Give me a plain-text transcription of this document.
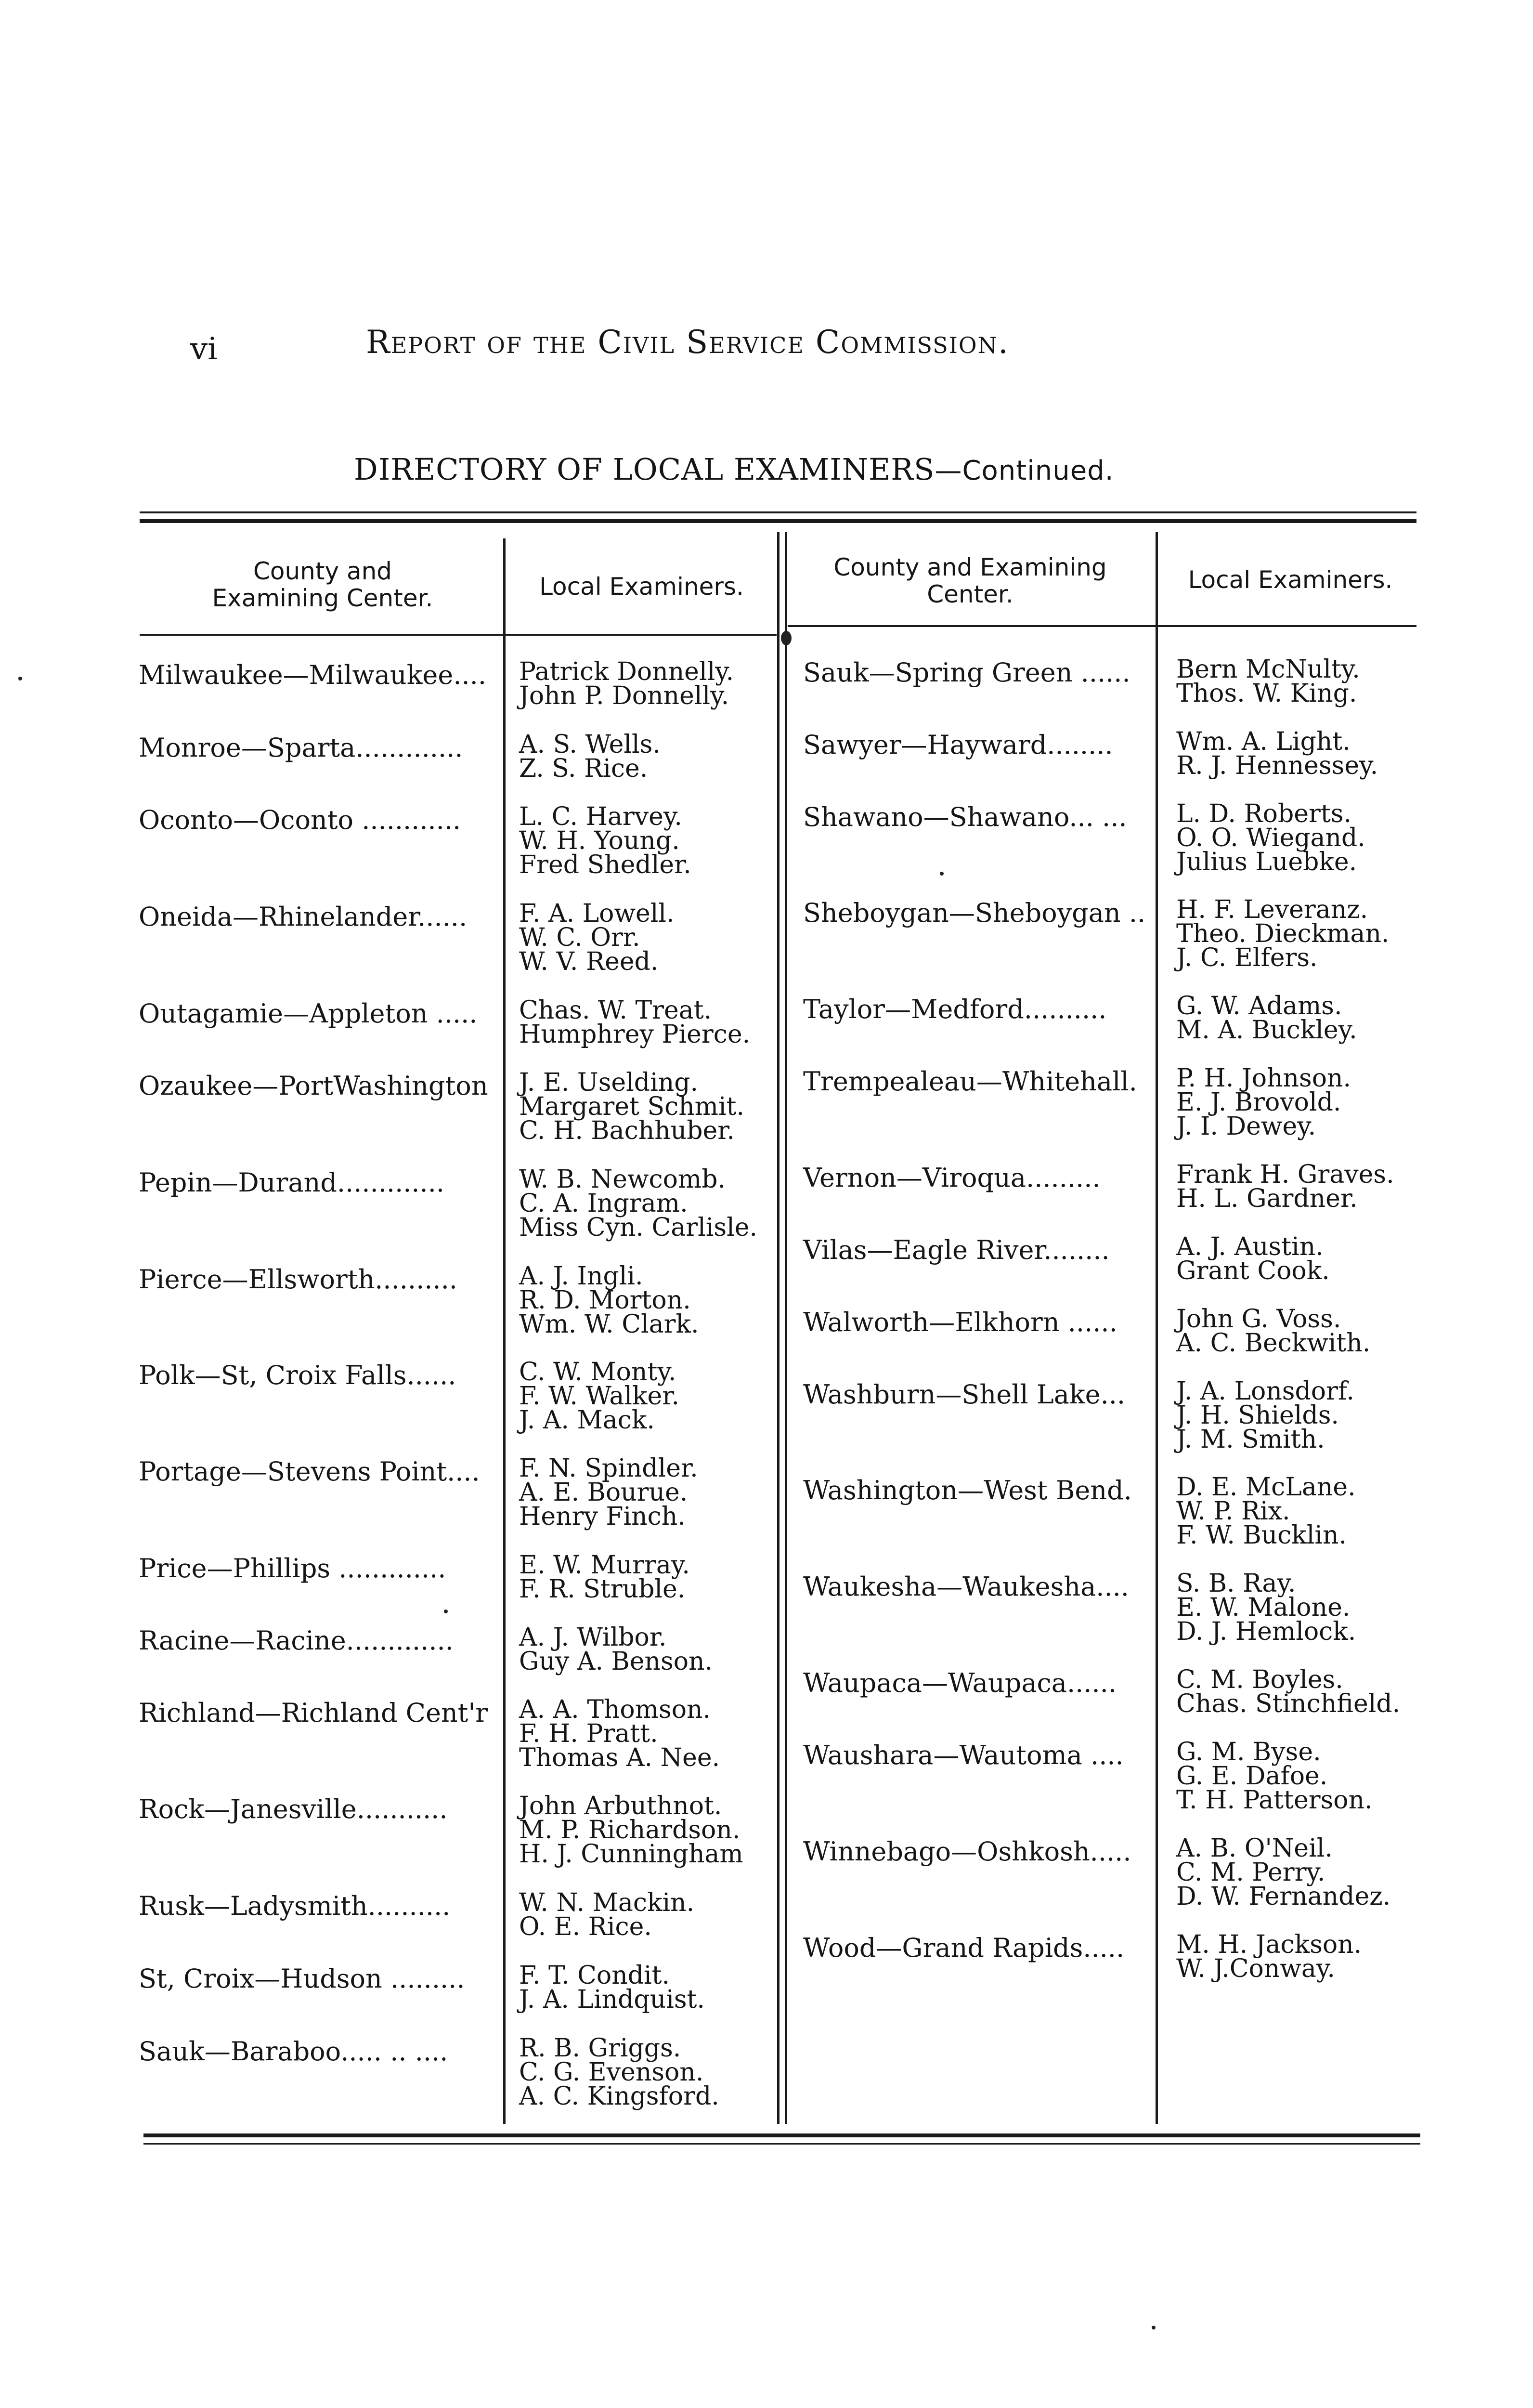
vi	Report of the Civil Service Commission.
DIRECTORY OF LOCAL EXAMINERS—Continued.
County and Examining Center.	Local Examiners.
County and Examining Center.
Local Examiners.
Milwaukee—Milwaukee.... Patrick Donnelly.
John P. Donnelly.
Monroe—Sparta............. A. S. Wells.
Z. S. Rice.
Oconto—Oconto ............ L. C. Harvey.
W. H. Young.
Fred Shedler.
Oneida—Rhinelander...... F. A. Lowell.
W. C. Orr.
W. V. Reed.
Outagamie—Appleton ..... Chas. W. Treat.
Humphrey Pierce.
Ozaukee—PortWashington J. E. Uselding.
Margaret Schmit.
C. H. Bachhuber.
Pepin—Durand.............	W. B. Newcomb.
C. A. Ingram.
Miss Cyn. Carlisle.
Pierce—Ellsworth.......... A. J. Ingli.
R. D. Morton.
Wm. W. Clark.
Polk—St, Croix Falls......	C. W. Monty.
F. W. Walker.
J. A. Mack.
Portage—Stevens Point.... F. N. Spindler.
A. E. Bourue.
Henry Finch.
Price—Phillips .............	E. W. Murray.
F. R. Struble.
Racine—Racine.............	A. J. Wilbor.
Guy A. Benson.
Richland—Richland Cent'r A. A. Thomson.
F. H. Pratt.
Thomas A. Nee.
Rock—Janesville...........	John Arbuthnot.
M. P. Richardson.
H. J. Cunningham
Rusk—Ladysmith..........	W. N. Mackin.
O. E. Rice.
St, Croix—Hudson ......... F. T. Condit.
J. A. Lindquist.
Sauk—Baraboo..... .. ....	R. B. Griggs.
C. G. Evenson.
A. C. Kingsford.
Sauk—Spring Green ...... Bern McNulty.
Thos. W. King.
Sawyer—Hayward........	Wm. A. Light.
R. J. Hennessey.
Shawano—Shawano... ... L. D. Roberts.
O. O. Wiegand.
Julius Luebke.
Sheboygan—Sheboygan .. H. F. Leveranz.
Theo. Dieckman.
J. C. Elfers.
Taylor—Medford..........	G. W. Adams.
M. A. Buckley.
Trempealeau—Whitehall. P. H. Johnson.
E. J. Brovold.
J. I. Dewey.
Vernon—Viroqua.........	Frank H. Graves.
H. L. Gardner.
Vilas—Eagle River........	A. J. Austin.
Grant Cook.
Walworth—Elkhorn ...... John G. Voss.
A. C. Beckwith.
Washburn—Shell Lake... J. A. Lonsdorf.
J. H. Shields.
J. M. Smith.
Washington—West Bend. D. E. McLane.
W. P. Rix.
F. W. Bucklin.
Waukesha—Waukesha.... S. B. Ray.
E. W. Malone.
D. J. Hemlock.
Waupaca—Waupaca...... C. M. Boyles.
Chas. Stinchfield.
Waushara—Wautoma .... G. M. Byse.
G. E. Dafoe.
T. H. Patterson.
Winnebago—Oshkosh..... A. B. O'Neil.
C. M. Perry.
D. W. Fernandez.
Wood—Grand Rapids..... M. H. Jackson.
W. J.Conway.
